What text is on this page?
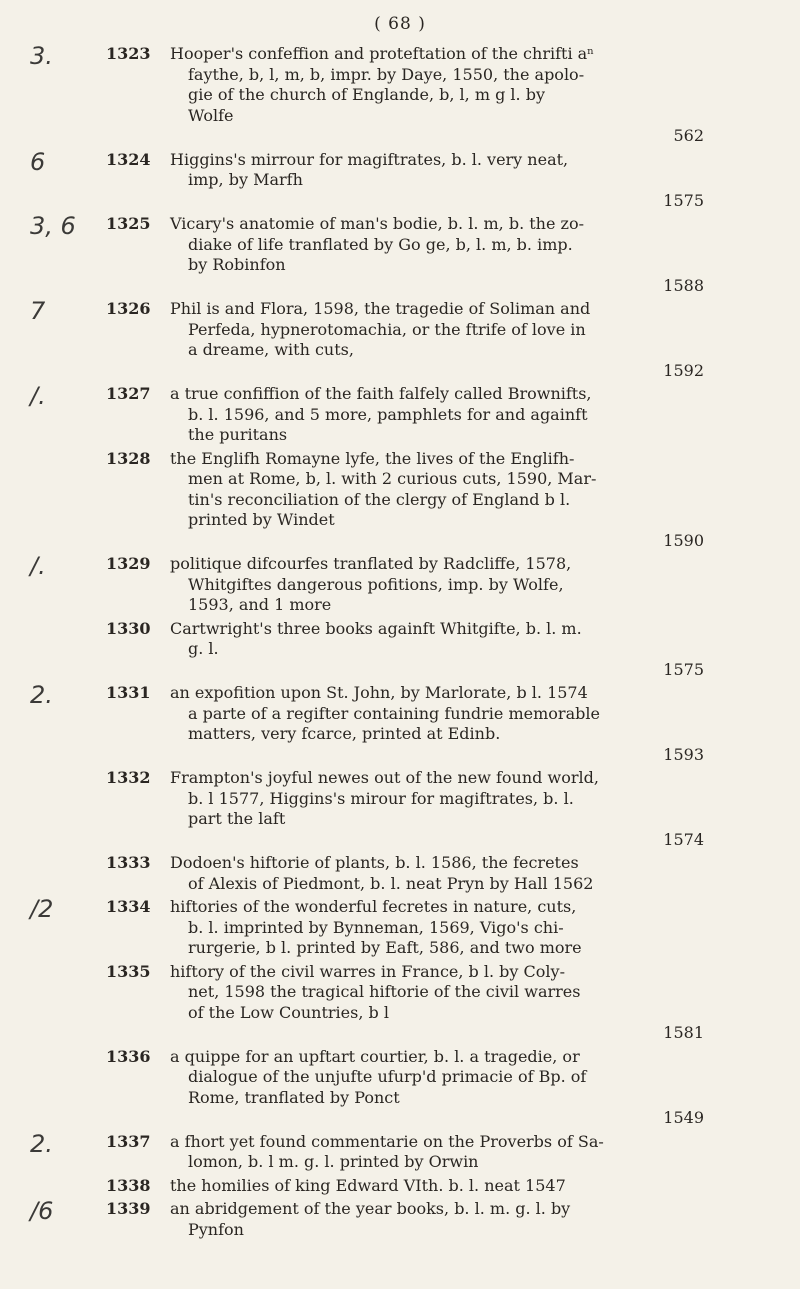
( 68 )
3.	1323	Hooper's confeffion and proteftation of the chrifti aⁿ
faythe, b, l, m, b, impr. by Daye, 1550, the apolo-
gie of the church of Englande, b, l, m g l. by
Wolfe
562
6	1324	Higgins's mirrour for magiftrates, b. l. very neat,
imp, by Marfh
1575
3, 6	1325	Vicary's anatomie of man's bodie, b. l. m, b. the zo-
diake of life tranflated by Go ge, b, l. m, b. imp.
by Robinfon
1588
7	1326	Phil is and Flora, 1598, the tragedie of Soliman and
Perfeda, hypnerotomachia, or the ftrife of love in
a dreame, with cuts,
1592
/.	1327	a true confiffion of the faith falfely called Brownifts,
b. l. 1596, and 5 more, pamphlets for and againft
the puritans
1328	the Englifh Romayne lyfe, the lives of the Englifh-
men at Rome, b, l. with 2 curious cuts, 1590, Mar-
tin's reconciliation of the clergy of England b l.
printed by Windet
1590
/.	1329	politique difcourfes tranflated by Radcliffe, 1578,
Whitgiftes dangerous pofitions, imp. by Wolfe,
1593, and 1 more
1330	Cartwright's three books againft Whitgifte, b. l. m.
g. l.
1575
2.	1331	an expofition upon St. John, by Marlorate, b l. 1574
a parte of a regifter containing fundrie memorable
matters, very fcarce, printed at Edinb.
1593
1332	Frampton's joyful newes out of the new found world,
b. l 1577, Higgins's mirour for magiftrates, b. l.
part the laft
1574
1333	Dodoen's hiftorie of plants, b. l. 1586, the fecretes
of Alexis of Piedmont, b. l. neat Pryn by Hall 1562
/2	1334	hiftories of the wonderful fecretes in nature, cuts,
b. l. imprinted by Bynneman, 1569, Vigo's chi-
rurgerie, b l. printed by Eaft, 586, and two more
1335	hiftory of the civil warres in France, b l. by Coly-
net, 1598 the tragical hiftorie of the civil warres
of the Low Countries, b l
1581
1336	a quippe for an upftart courtier, b. l. a tragedie, or
dialogue of the unjufte ufurp'd primacie of Bp. of
Rome, tranflated by Ponct
1549
2.	1337	a fhort yet found commentarie on the Proverbs of Sa-
lomon, b. l m. g. l. printed by Orwin
1338	the homilies of king Edward VIth. b. l. neat 1547
/6	1339	an abridgement of the year books, b. l. m. g. l. by
Pynfon
